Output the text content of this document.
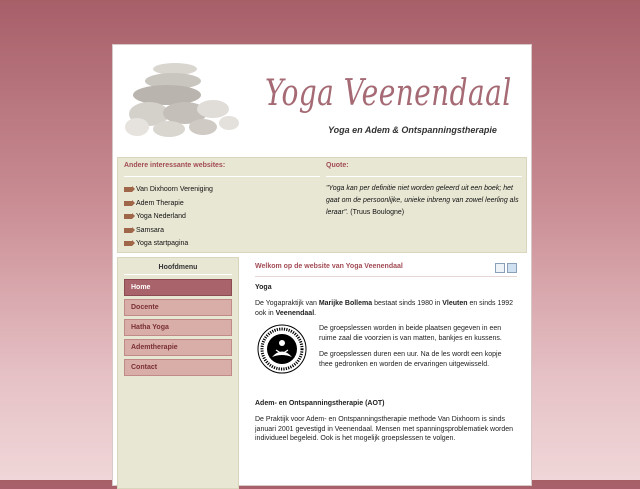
Yoga Veenendaal
Yoga en Adem & Ontspanningstherapie
Andere interessante websites:
Van Dixhoorn Vereniging
Adem Therapie
Yoga Nederland
Samsara
Yoga startpagina
Quote:
"Yoga kan per definitie niet worden geleerd uit een boek; het gaat om de persoonlijke, unieke inbreng van zowel leerling als leraar". (Truus Boulogne)
Hoofdmenu
Home
Docente
Hatha Yoga
Ademtherapie
Contact
Welkom op de website van Yoga Veenendaal
Yoga

De Yogapraktijk van Marijke Bollema bestaat sinds 1980 in Vleuten en sinds 1992 ook in Veenendaal.

De groepslessen worden in beide plaatsen gegeven in een ruime zaal die voorzien is van matten, bankjes en kussens.

De groepslessen duren een uur. Na de les wordt een kopje thee gedronken en worden de ervaringen uitgewisseld.

Adem- en Ontspanningstherapie (AOT)

De Praktijk voor Adem- en Ontspanningstherapie methode Van Dixhoorn is sinds januari 2001 gevestigd in Veenendaal. Mensen met spanningsproblematiek worden individueel begeleid. Ook is het mogelijk groepslessen te volgen.
